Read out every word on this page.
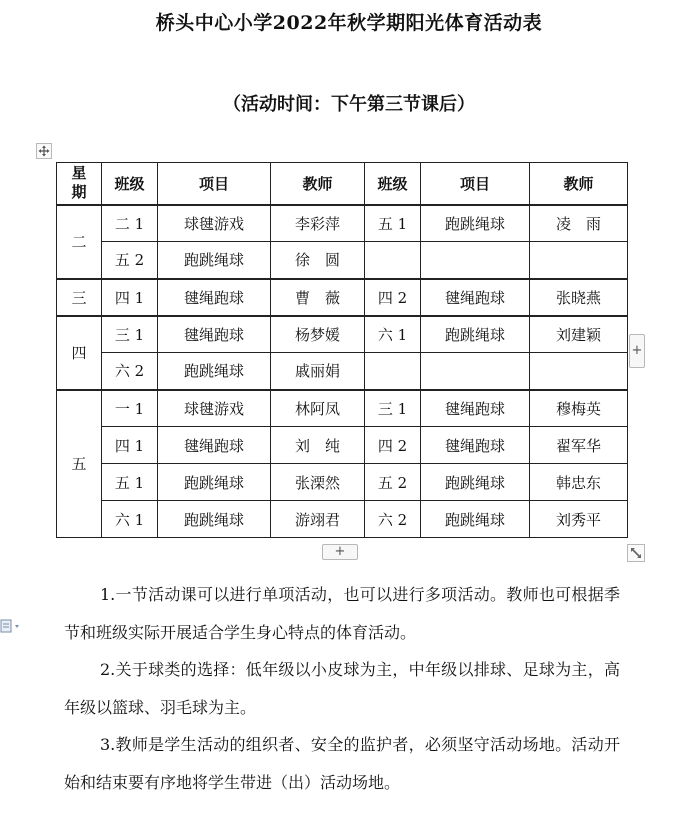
桥头中心小学2022年秋学期阳光体育活动表
（活动时间：下午第三节课后）
星期	班级	项目	教师	班级	项目	教师
二	二 1	球毽游戏	李彩萍	五 1	跑跳绳球	凌　雨
	五 2	跑跳绳球	徐　圆			
三	四 1	毽绳跑球	曹　薇	四 2	毽绳跑球	张晓燕
四	三 1	毽绳跑球	杨梦媛	六 1	跑跳绳球	刘建颖
	六 2	跑跳绳球	戚丽娟			
五	一 1	球毽游戏	林阿凤	三 1	毽绳跑球	穆梅英
	四 1	毽绳跑球	刘　纯	四 2	毽绳跑球	翟军华
	五 1	跑跳绳球	张溧然	五 2	跑跳绳球	韩忠东
	六 1	跑跳绳球	游翊君	六 2	跑跳绳球	刘秀平
+
+

1.一节活动课可以进行单项活动，也可以进行多项活动。教师也可根据季节和班级实际开展适合学生身心特点的体育活动。

2.关于球类的选择：低年级以小皮球为主，中年级以排球、足球为主，高年级以篮球、羽毛球为主。

3.教师是学生活动的组织者、安全的监护者，必须坚守活动场地。活动开始和结束要有序地将学生带进（出）活动场地。
